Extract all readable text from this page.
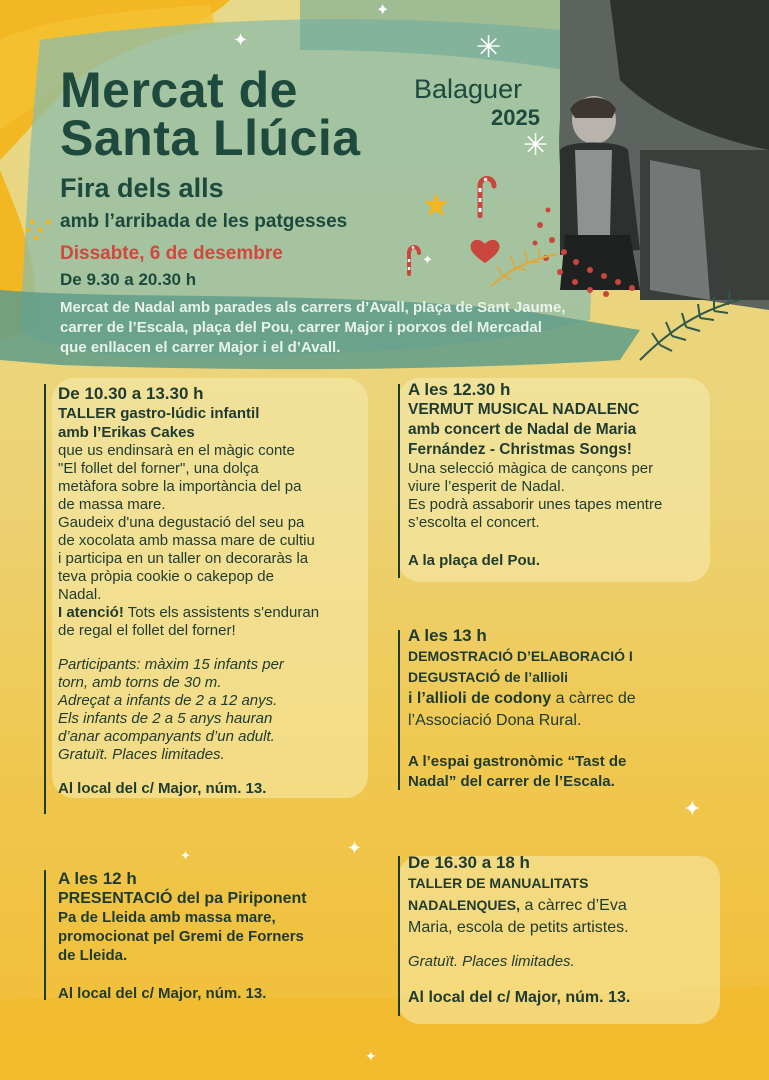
✦	✳
✦
✳
✦
✦
✦
✦
✦
Mercat de
Santa Llúcia
Balaguer
2025
Fira dels alls
amb l’arribada de les patgesses
Dissabte, 6 de desembre
De 9.30 a 20.30 h
Mercat de Nadal amb parades als carrers d’Avall, plaça de Sant Jaume,
carrer de l’Escala, plaça del Pou, carrer Major i porxos del Mercadal
que enllacen el carrer Major i el d’Avall.
De 10.30 a 13.30 h
TALLER gastro-lúdic infantil
amb l’Erikas Cakes
que us endinsarà en el màgic conte
"El follet del forner", una dolça
metàfora sobre la importància del pa
de massa mare.
Gaudeix d'una degustació del seu pa
de xocolata amb massa mare de cultiu
i participa en un taller on decoraràs la
teva pròpia cookie o cakepop de
Nadal.
I atenció! Tots els assistents s'enduran
de regal el follet del forner!
Participants: màxim 15 infants per
torn, amb torns de 30 m.
Adreçat a infants de 2 a 12 anys.
Els infants de 2 a 5 anys hauran
d’anar acompanyants d’un adult.
Gratuït. Places limitades.
Al local del c/ Major, núm. 13.
A les 12 h
PRESENTACIÓ del pa Piriponent
Pa de Lleida amb massa mare,
promocionat pel Gremi de Forners
de Lleida.
Al local del c/ Major, núm. 13.
A les 12.30 h
VERMUT MUSICAL NADALENC
amb concert de Nadal de Maria
Fernández - Christmas Songs!
Una selecció màgica de cançons per
viure l’esperit de Nadal.
Es podrà assaborir unes tapes mentre
s’escolta el concert.
A la plaça del Pou.
A les 13 h
DEMOSTRACIÓ D’ELABORACIÓ I
DEGUSTACIÓ de l’allioli
i l’allioli de codony a càrrec de
l’Associació Dona Rural.
A l’espai gastronòmic “Tast de
Nadal” del carrer de l’Escala.
De 16.30 a 18 h
TALLER DE MANUALITATS
NADALENQUES, a càrrec d’Eva
Maria, escola de petits artistes.
Gratuït. Places limitades.
Al local del c/ Major, núm. 13.
